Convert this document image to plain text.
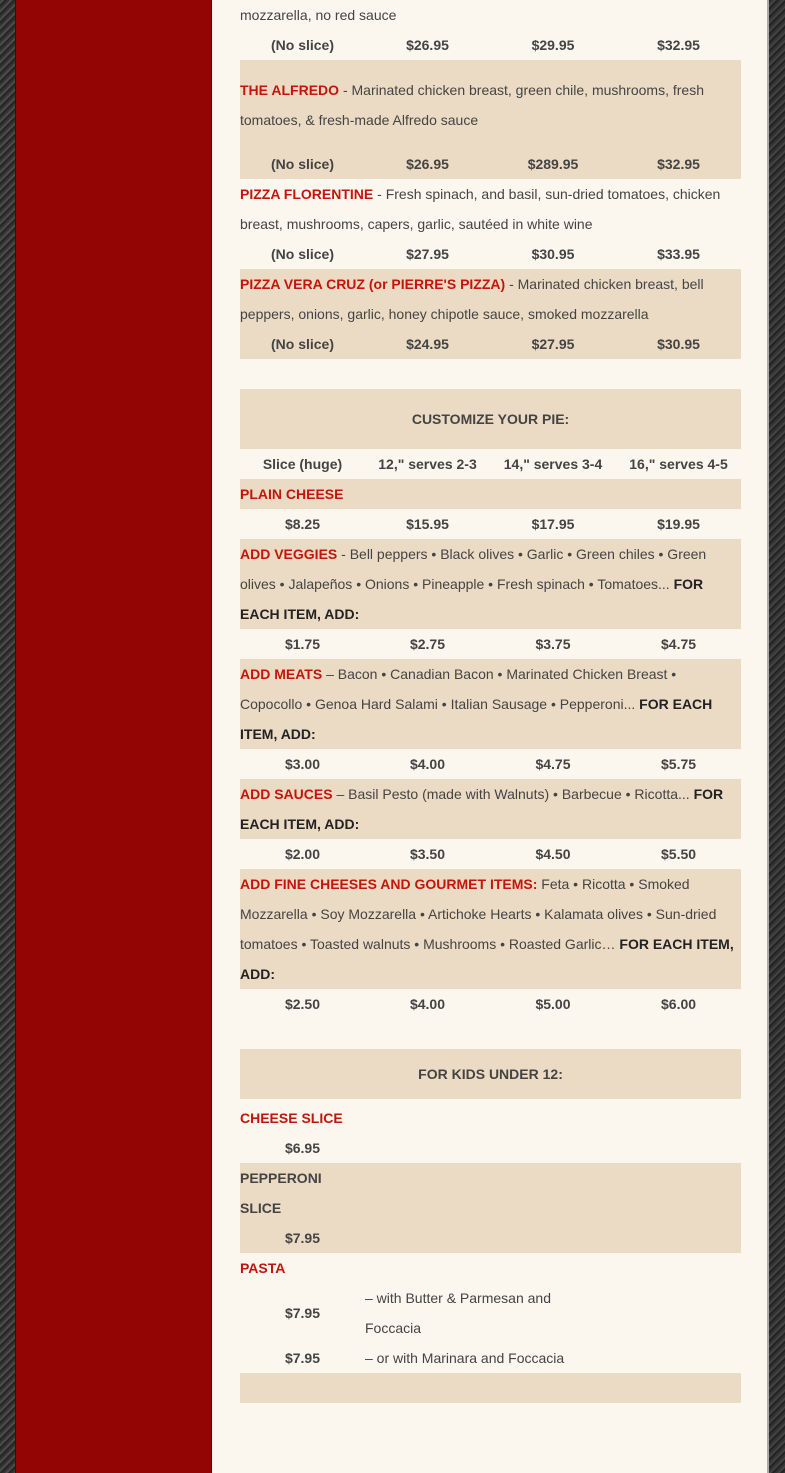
mozzarella, no red sauce			
(No slice)	$26.95	$29.95	$32.95
THE ALFREDO - Marinated chicken breast, green chile, mushrooms, fresh tomatoes, & fresh-made Alfredo sauce			
(No slice)	$26.95	$289.95	$32.95
PIZZA FLORENTINE - Fresh spinach, and basil, sun-dried tomatoes, chicken breast, mushrooms, capers, garlic, sautéed in white wine			
(No slice)	$27.95	$30.95	$33.95
PIZZA VERA CRUZ (or PIERRE'S PIZZA) - Marinated chicken breast, bell peppers, onions, garlic, honey chipotle sauce, smoked mozzarella			
(No slice)	$24.95	$27.95	$30.95

CUSTOMIZE YOUR PIE:			
Slice (huge)	12," serves 2-3	14," serves 3-4	16," serves 4-5
PLAIN CHEESE			
$8.25	$15.95	$17.95	$19.95
ADD VEGGIES - Bell peppers • Black olives • Garlic • Green chiles • Green olives • Jalapeños • Onions • Pineapple • Fresh spinach • Tomatoes... FOR EACH ITEM, ADD:			
$1.75	$2.75	$3.75	$4.75
ADD MEATS – Bacon • Canadian Bacon • Marinated Chicken Breast • Copocollo • Genoa Hard Salami • Italian Sausage • Pepperoni... FOR EACH ITEM, ADD:			
$3.00	$4.00	$4.75	$5.75
ADD SAUCES – Basil Pesto (made with Walnuts) • Barbecue • Ricotta... FOR EACH ITEM, ADD:			
$2.00	$3.50	$4.50	$5.50
ADD FINE CHEESES AND GOURMET ITEMS: Feta • Ricotta • Smoked Mozzarella • Soy Mozzarella • Artichoke Hearts • Kalamata olives • Sun-dried tomatoes • Toasted walnuts • Mushrooms • Roasted Garlic… FOR EACH ITEM, ADD:			
$2.50	$4.00	$5.00	$6.00

FOR KIDS UNDER 12:			
CHEESE SLICE			
$6.95			
PEPPERONI SLICE			
$7.95			
PASTA			
$7.95	– with Butter & Parmesan and Foccacia		
$7.95	– or with Marinara and Foccacia		
